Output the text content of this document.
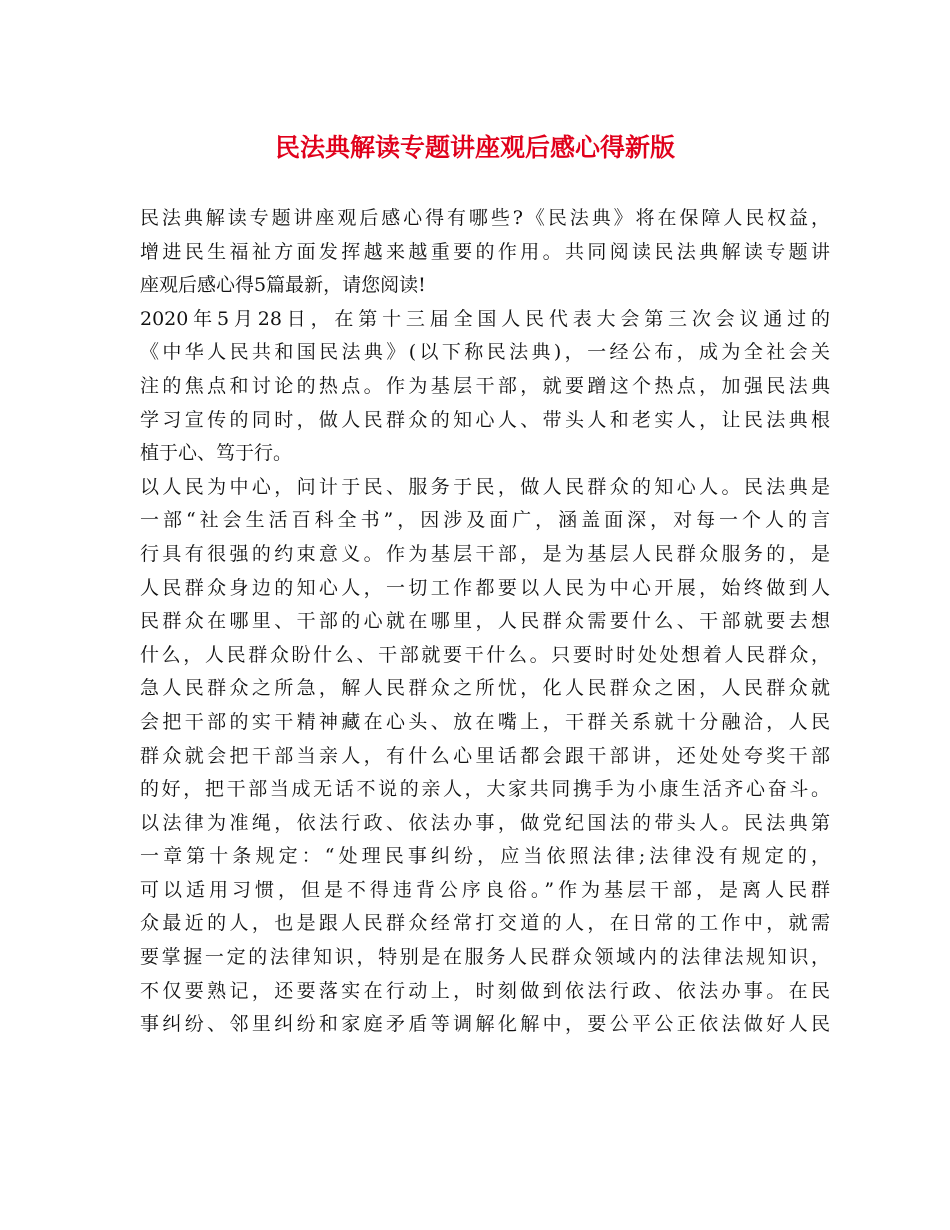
民法典解读专题讲座观后感心得新版
民法典解读专题讲座观后感心得有哪些?《民法典》将在保障人民权益，
增进民生福祉方面发挥越来越重要的作用。共同阅读民法典解读专题讲
座观后感心得5篇最新，请您阅读!
2020年5月28日，在第十三届全国人民代表大会第三次会议通过的
《中华人民共和国民法典》(以下称民法典)，一经公布，成为全社会关
注的焦点和讨论的热点。作为基层干部，就要蹭这个热点，加强民法典
学习宣传的同时，做人民群众的知心人、带头人和老实人，让民法典根
植于心、笃于行。
以人民为中心，问计于民、服务于民，做人民群众的知心人。民法典是
一部“社会生活百科全书”，因涉及面广，涵盖面深，对每一个人的言
行具有很强的约束意义。作为基层干部，是为基层人民群众服务的，是
人民群众身边的知心人，一切工作都要以人民为中心开展，始终做到人
民群众在哪里、干部的心就在哪里，人民群众需要什么、干部就要去想
什么，人民群众盼什么、干部就要干什么。只要时时处处想着人民群众，
急人民群众之所急，解人民群众之所忧，化人民群众之困，人民群众就
会把干部的实干精神藏在心头、放在嘴上，干群关系就十分融洽，人民
群众就会把干部当亲人，有什么心里话都会跟干部讲，还处处夸奖干部
的好，把干部当成无话不说的亲人，大家共同携手为小康生活齐心奋斗。
以法律为准绳，依法行政、依法办事，做党纪国法的带头人。民法典第
一章第十条规定：“处理民事纠纷，应当依照法律;法律没有规定的，
可以适用习惯，但是不得违背公序良俗。”作为基层干部，是离人民群
众最近的人，也是跟人民群众经常打交道的人，在日常的工作中，就需
要掌握一定的法律知识，特别是在服务人民群众领域内的法律法规知识，
不仅要熟记，还要落实在行动上，时刻做到依法行政、依法办事。在民
事纠纷、邻里纠纷和家庭矛盾等调解化解中，要公平公正依法做好人民
